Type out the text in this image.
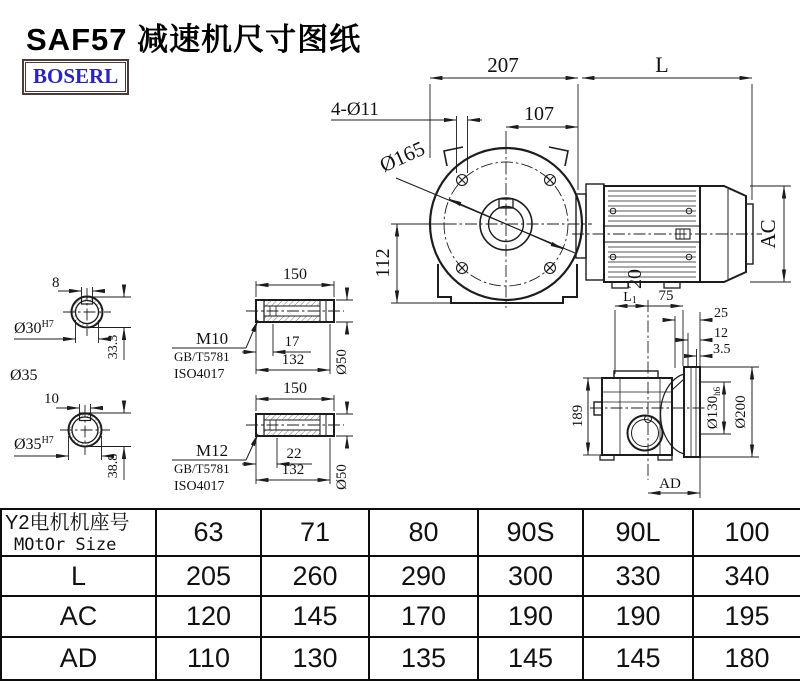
SAF57 减速机尺寸图纸
BOSERL
Ø165
207	L
4-Ø11	107
112
20
AC
8
$Ø30^{H7}$
33.3
Ø35
10
$Ø35^{H7}$
38.8
150
M10
GB/T5781
ISO4017
17
132 Ø50
150
M12
GB/T5781
ISO4017
22
132 Ø50
L1 75
25
12
3.5
189	$Ø130_{h6}$
Ø200
AD
Y2电机机座号
MOtOr Size	63	71	80	90S	90L	100
L	205	260	290	300	330	340
AC	120	145	170	190	190	195
AD	110	130	135	145	145	180
